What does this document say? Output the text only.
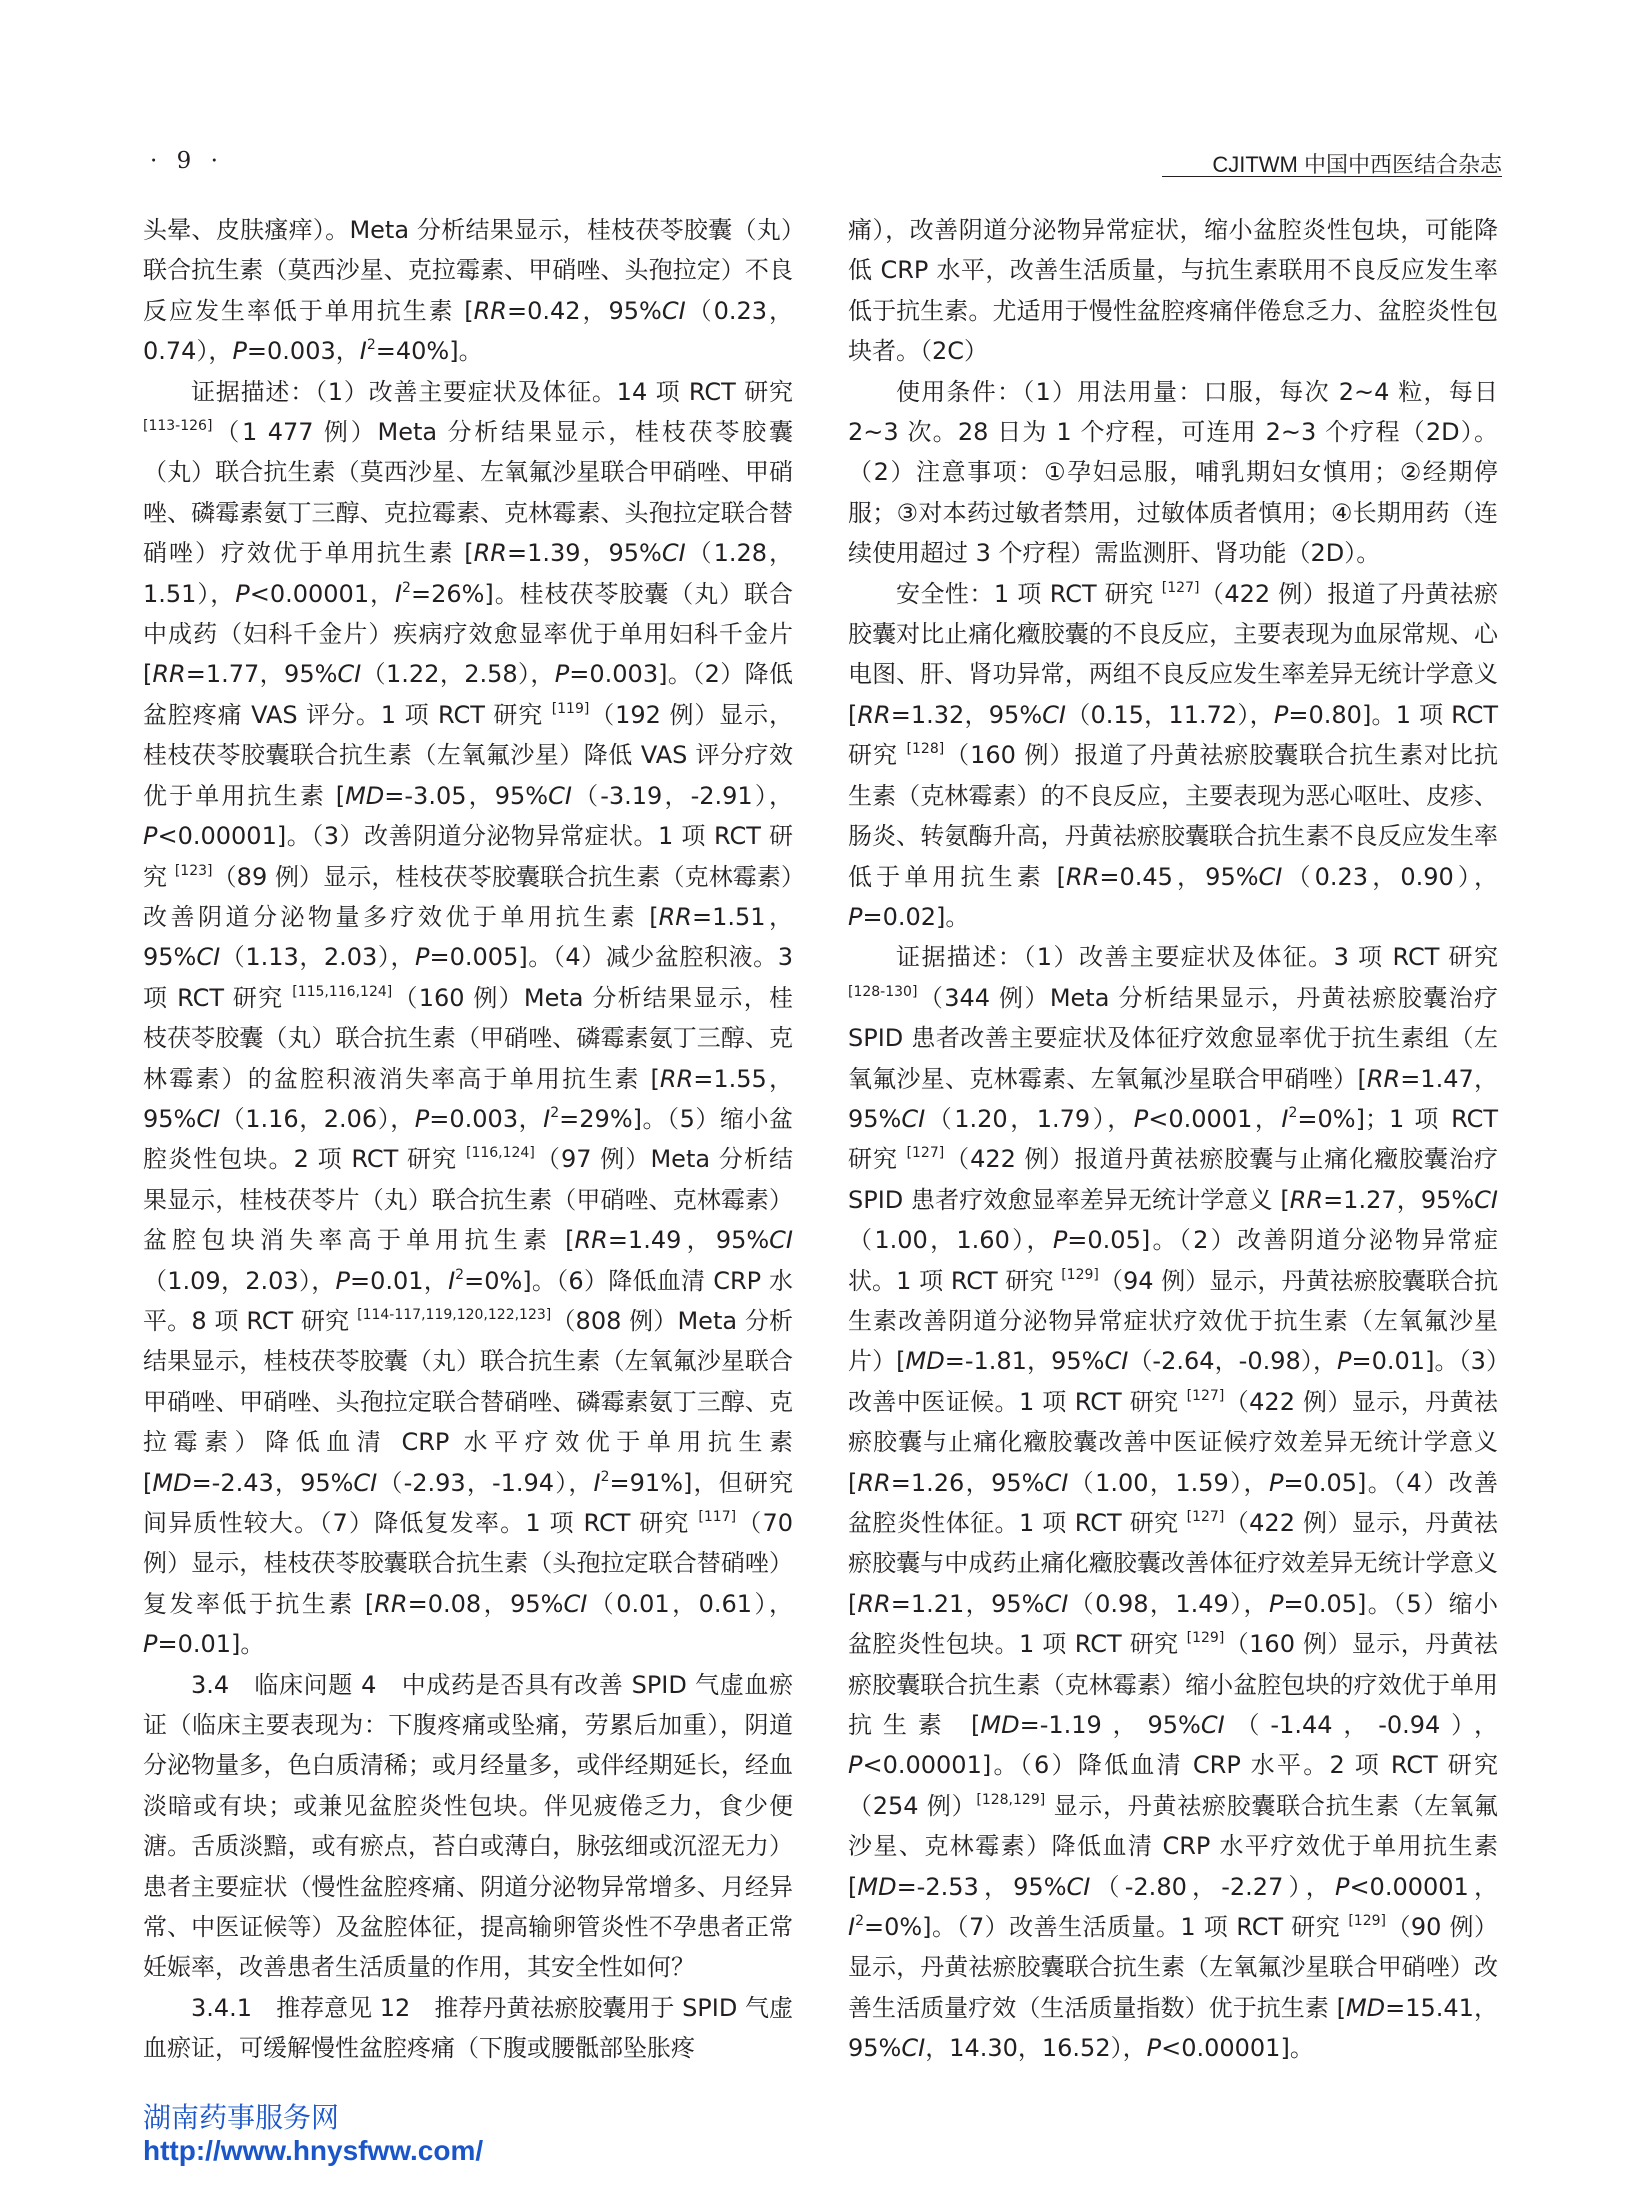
· 9 ·	CJITWM 中国中西医结合杂志

头晕、皮肤瘙痒）。Meta 分析结果显示，桂枝茯苓胶囊（丸）联合抗生素（莫西沙星、克拉霉素、甲硝唑、头孢拉定）不良反应发生率低于单用抗生素 [RR=0.42，95%CI（0.23，0.74），P=0.003，$I^2=40\%$]。

证据描述：（1）改善主要症状及体征。14 项 RCT 研究 [113-126]（1 477 例）Meta 分析结果显示，桂枝茯苓胶囊（丸）联合抗生素（莫西沙星、左氧氟沙星联合甲硝唑、甲硝唑、磷霉素氨丁三醇、克拉霉素、克林霉素、头孢拉定联合替硝唑）疗效优于单用抗生素 [RR=1.39，95%CI（1.28，1.51），P<0.00001，$I^2=26\%$]。桂枝茯苓胶囊（丸）联合中成药（妇科千金片）疾病疗效愈显率优于单用妇科千金片 [RR=1.77，95%CI（1.22，2.58），P=0.003]。（2）降低盆腔疼痛 VAS 评分。1 项 RCT 研究 [119]（192 例）显示，桂枝茯苓胶囊联合抗生素（左氧氟沙星）降低 VAS 评分疗效优于单用抗生素 [MD=-3.05，95%CI（-3.19，-2.91），P<0.00001]。（3）改善阴道分泌物异常症状。1 项 RCT 研究 [123]（89 例）显示，桂枝茯苓胶囊联合抗生素（克林霉素）改善阴道分泌物量多疗效优于单用抗生素 [RR=1.51，95%CI（1.13，2.03），P=0.005]。（4）减少盆腔积液。3 项 RCT 研究 [115,116,124]（160 例）Meta 分析结果显示，桂枝茯苓胶囊（丸）联合抗生素（甲硝唑、磷霉素氨丁三醇、克林霉素）的盆腔积液消失率高于单用抗生素 [RR=1.55，95%CI（1.16，2.06），P=0.003，$I^2=29\%$]。（5）缩小盆腔炎性包块。2 项 RCT 研究 [116,124]（97 例）Meta 分析结果显示，桂枝茯苓片（丸）联合抗生素（甲硝唑、克林霉素）盆腔包块消失率高于单用抗生素 [RR=1.49，95%CI（1.09，2.03），P=0.01，$I^2=0\%$]。（6）降低血清 CRP 水平。8 项 RCT 研究 [114-117,119,120,122,123]（808 例）Meta 分析结果显示，桂枝茯苓胶囊（丸）联合抗生素（左氧氟沙星联合甲硝唑、甲硝唑、头孢拉定联合替硝唑、磷霉素氨丁三醇、克拉霉素）降低血清 CRP 水平疗效优于单用抗生素 [MD=-2.43，95%CI（-2.93，-1.94），$I^2=91\%$]，但研究间异质性较大。（7）降低复发率。1 项 RCT 研究 [117]（70 例）显示，桂枝茯苓胶囊联合抗生素（头孢拉定联合替硝唑）复发率低于抗生素 [RR=0.08，95%CI（0.01，0.61），P=0.01]。

3.4　临床问题 4　中成药是否具有改善 SPID 气虚血瘀证（临床主要表现为：下腹疼痛或坠痛，劳累后加重），阴道分泌物量多，色白质清稀；或月经量多，或伴经期延长，经血淡暗或有块；或兼见盆腔炎性包块。伴见疲倦乏力，食少便溏。舌质淡黯，或有瘀点，苔白或薄白，脉弦细或沉涩无力）患者主要症状（慢性盆腔疼痛、阴道分泌物异常增多、月经异常、中医证候等）及盆腔体征，提高输卵管炎性不孕患者正常妊娠率，改善患者生活质量的作用，其安全性如何？

3.4.1　推荐意见 12　推荐丹黄祛瘀胶囊用于 SPID 气虚血瘀证，可缓解慢性盆腔疼痛（下腹或腰骶部坠胀疼

痛），改善阴道分泌物异常症状，缩小盆腔炎性包块，可能降低 CRP 水平，改善生活质量，与抗生素联用不良反应发生率低于抗生素。尤适用于慢性盆腔疼痛伴倦怠乏力、盆腔炎性包块者。（2C）

使用条件：（1）用法用量：口服，每次 2~4 粒，每日 2~3 次。28 日为 1 个疗程，可连用 2~3 个疗程（2D）。（2）注意事项：①孕妇忌服，哺乳期妇女慎用；②经期停服；③对本药过敏者禁用，过敏体质者慎用；④长期用药（连续使用超过 3 个疗程）需监测肝、肾功能（2D）。

安全性：1 项 RCT 研究 [127]（422 例）报道了丹黄祛瘀胶囊对比止痛化癥胶囊的不良反应，主要表现为血尿常规、心电图、肝、肾功异常，两组不良反应发生率差异无统计学意义 [RR=1.32，95%CI（0.15，11.72），P=0.80]。1 项 RCT 研究 [128]（160 例）报道了丹黄祛瘀胶囊联合抗生素对比抗生素（克林霉素）的不良反应，主要表现为恶心呕吐、皮疹、肠炎、转氨酶升高，丹黄祛瘀胶囊联合抗生素不良反应发生率低于单用抗生素 [RR=0.45，95%CI（0.23，0.90），P=0.02]。

证据描述：（1）改善主要症状及体征。3 项 RCT 研究 [128-130]（344 例）Meta 分析结果显示，丹黄祛瘀胶囊治疗 SPID 患者改善主要症状及体征疗效愈显率优于抗生素组（左氧氟沙星、克林霉素、左氧氟沙星联合甲硝唑）[RR=1.47，95%CI（1.20，1.79），P<0.0001，$I^2=0\%$]；1 项 RCT 研究 [127]（422 例）报道丹黄祛瘀胶囊与止痛化癥胶囊治疗 SPID 患者疗效愈显率差异无统计学意义 [RR=1.27，95%CI（1.00，1.60），P=0.05]。（2）改善阴道分泌物异常症状。1 项 RCT 研究 [129]（94 例）显示，丹黄祛瘀胶囊联合抗生素改善阴道分泌物异常症状疗效优于抗生素（左氧氟沙星片）[MD=-1.81，95%CI（-2.64，-0.98），P=0.01]。（3）改善中医证候。1 项 RCT 研究 [127]（422 例）显示，丹黄祛瘀胶囊与止痛化癥胶囊改善中医证候疗效差异无统计学意义 [RR=1.26，95%CI（1.00，1.59），P=0.05]。（4）改善盆腔炎性体征。1 项 RCT 研究 [127]（422 例）显示，丹黄祛瘀胶囊与中成药止痛化癥胶囊改善体征疗效差异无统计学意义 [RR=1.21，95%CI（0.98，1.49），P=0.05]。（5）缩小盆腔炎性包块。1 项 RCT 研究 [129]（160 例）显示，丹黄祛瘀胶囊联合抗生素（克林霉素）缩小盆腔包块的疗效优于单用抗生素 [MD=-1.19，95%CI（-1.44，-0.94），P<0.00001]。（6）降低血清 CRP 水平。2 项 RCT 研究（254 例）[128,129] 显示，丹黄祛瘀胶囊联合抗生素（左氧氟沙星、克林霉素）降低血清 CRP 水平疗效优于单用抗生素 [MD=-2.53，95%CI（-2.80，-2.27），P<0.00001，$I^2=0\%$]。（7）改善生活质量。1 项 RCT 研究 [129]（90 例）显示，丹黄祛瘀胶囊联合抗生素（左氧氟沙星联合甲硝唑）改善生活质量疗效（生活质量指数）优于抗生素 [MD=15.41，95%CI，14.30，16.52），P<0.00001]。

湖南药事服务网
http://www.hnysfww.com/
